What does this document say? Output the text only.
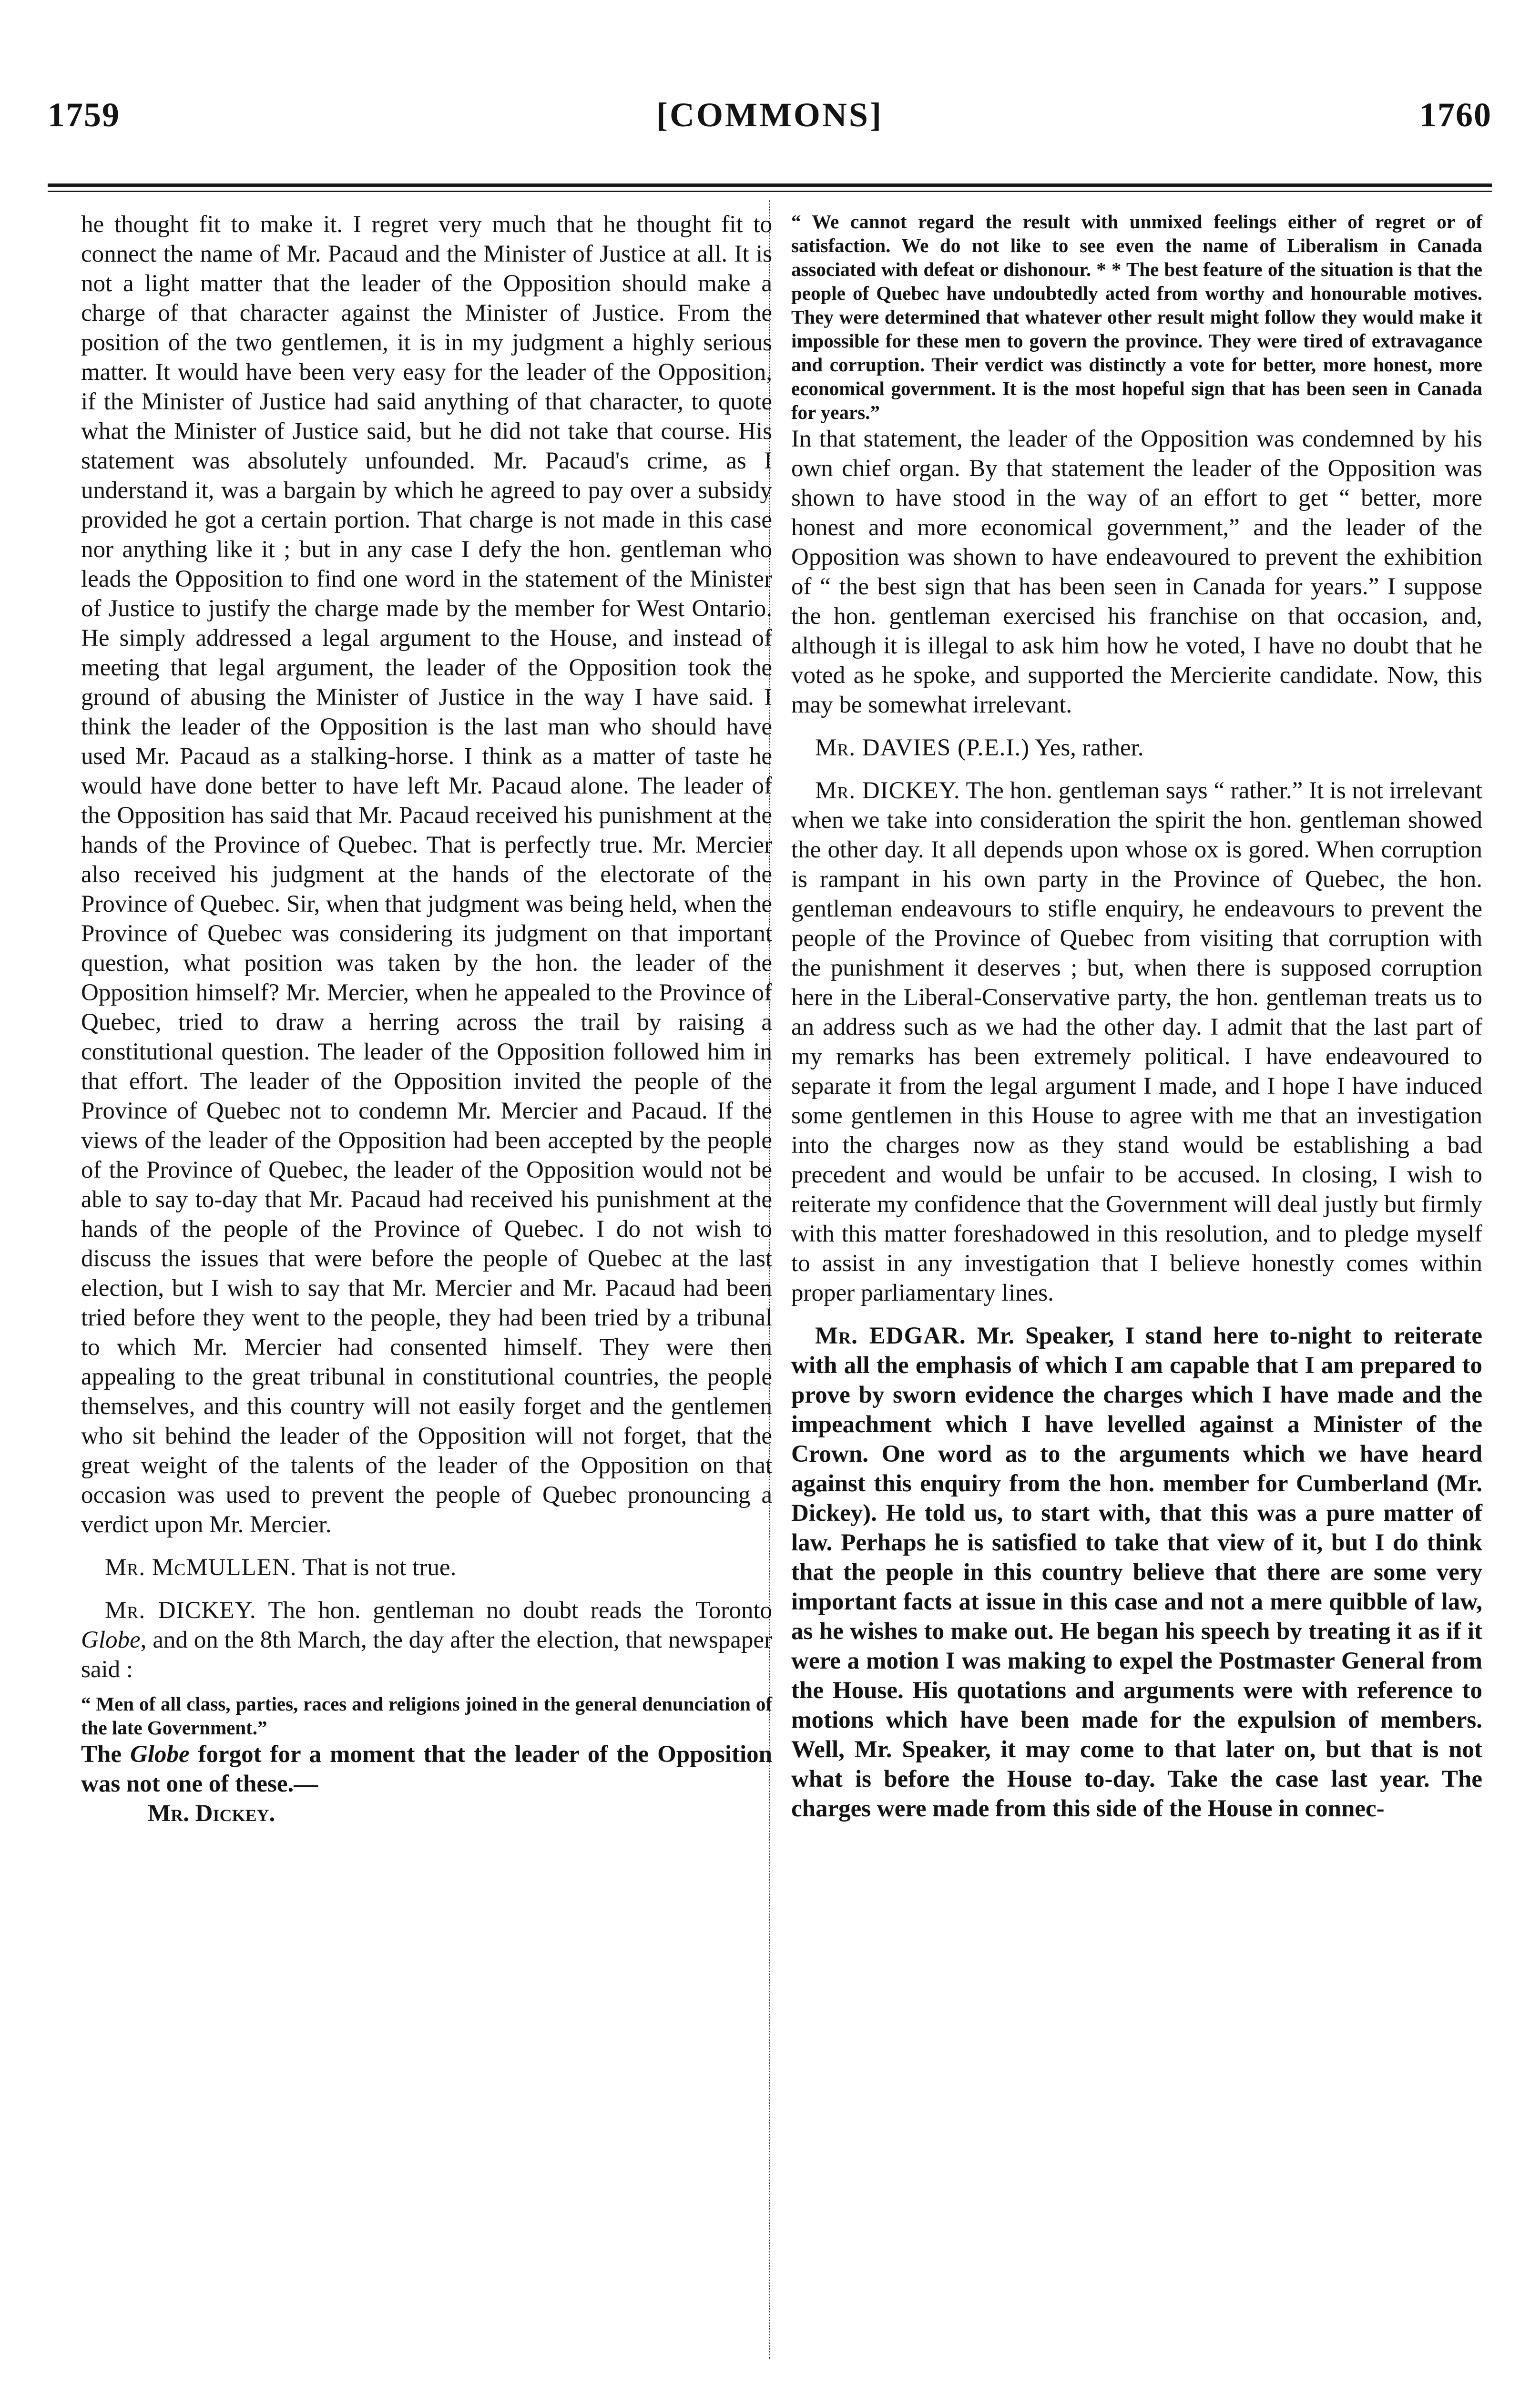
1759	[COMMONS]	1760

he thought fit to make it. I regret very much that he thought fit to connect the name of Mr. Pacaud and the Minister of Justice at all. It is not a light matter that the leader of the Opposition should make a charge of that character against the Minister of Justice. From the position of the two gentlemen, it is in my judgment a highly serious matter. It would have been very easy for the leader of the Opposition, if the Minister of Justice had said anything of that character, to quote what the Minister of Justice said, but he did not take that course. His statement was absolutely unfounded. Mr. Pacaud's crime, as I understand it, was a bargain by which he agreed to pay over a subsidy provided he got a certain portion. That charge is not made in this case nor anything like it ; but in any case I defy the hon. gentleman who leads the Opposition to find one word in the statement of the Minister of Justice to justify the charge made by the member for West Ontario. He simply addressed a legal argument to the House, and instead of meeting that legal argument, the leader of the Opposition took the ground of abusing the Minister of Justice in the way I have said. I think the leader of the Opposition is the last man who should have used Mr. Pacaud as a stalking-horse. I think as a matter of taste he would have done better to have left Mr. Pacaud alone. The leader of the Opposition has said that Mr. Pacaud received his punishment at the hands of the Province of Quebec. That is perfectly true. Mr. Mercier also received his judgment at the hands of the electorate of the Province of Quebec. Sir, when that judgment was being held, when the Province of Quebec was considering its judgment on that important question, what position was taken by the hon. the leader of the Opposition himself? Mr. Mercier, when he appealed to the Province of Quebec, tried to draw a herring across the trail by raising a constitutional question. The leader of the Opposition followed him in that effort. The leader of the Opposition invited the people of the Province of Quebec not to condemn Mr. Mercier and Pacaud. If the views of the leader of the Opposition had been accepted by the people of the Province of Quebec, the leader of the Opposition would not be able to say to-day that Mr. Pacaud had received his punishment at the hands of the people of the Province of Quebec. I do not wish to discuss the issues that were before the people of Quebec at the last election, but I wish to say that Mr. Mercier and Mr. Pacaud had been tried before they went to the people, they had been tried by a tribunal to which Mr. Mercier had consented himself. They were then appealing to the great tribunal in constitutional countries, the people themselves, and this country will not easily forget and the gentlemen who sit behind the leader of the Opposition will not forget, that the great weight of the talents of the leader of the Opposition on that occasion was used to prevent the people of Quebec pronouncing a verdict upon Mr. Mercier.

Mr. McMULLEN. That is not true.

Mr. DICKEY. The hon. gentleman no doubt reads the Toronto Globe, and on the 8th March, the day after the election, that newspaper said :

“ Men of all class, parties, races and religions joined in the general denunciation of the late Government.”

The Globe forgot for a moment that the leader of the Opposition was not one of these.—

Mr. Dickey.

“ We cannot regard the result with unmixed feelings either of regret or of satisfaction. We do not like to see even the name of Liberalism in Canada associated with defeat or dishonour. * * The best feature of the situation is that the people of Quebec have undoubtedly acted from worthy and honourable motives. They were determined that whatever other result might follow they would make it impossible for these men to govern the province. They were tired of extravagance and corruption. Their verdict was distinctly a vote for better, more honest, more economical government. It is the most hopeful sign that has been seen in Canada for years.”

In that statement, the leader of the Opposition was condemned by his own chief organ. By that statement the leader of the Opposition was shown to have stood in the way of an effort to get “ better, more honest and more economical government,” and the leader of the Opposition was shown to have endeavoured to prevent the exhibition of “ the best sign that has been seen in Canada for years.” I suppose the hon. gentleman exercised his franchise on that occasion, and, although it is illegal to ask him how he voted, I have no doubt that he voted as he spoke, and supported the Mercierite candidate. Now, this may be somewhat irrelevant.

Mr. DAVIES (P.E.I.) Yes, rather.

Mr. DICKEY. The hon. gentleman says “ rather.” It is not irrelevant when we take into consideration the spirit the hon. gentleman showed the other day. It all depends upon whose ox is gored. When corruption is rampant in his own party in the Province of Quebec, the hon. gentleman endeavours to stifle enquiry, he endeavours to prevent the people of the Province of Quebec from visiting that corruption with the punishment it deserves ; but, when there is supposed corruption here in the Liberal-Conservative party, the hon. gentleman treats us to an address such as we had the other day. I admit that the last part of my remarks has been extremely political. I have endeavoured to separate it from the legal argument I made, and I hope I have induced some gentlemen in this House to agree with me that an investigation into the charges now as they stand would be establishing a bad precedent and would be unfair to be accused. In closing, I wish to reiterate my confidence that the Government will deal justly but firmly with this matter foreshadowed in this resolution, and to pledge myself to assist in any investigation that I believe honestly comes within proper parliamentary lines.

Mr. EDGAR. Mr. Speaker, I stand here to-night to reiterate with all the emphasis of which I am capable that I am prepared to prove by sworn evidence the charges which I have made and the impeachment which I have levelled against a Minister of the Crown. One word as to the arguments which we have heard against this enquiry from the hon. member for Cumberland (Mr. Dickey). He told us, to start with, that this was a pure matter of law. Perhaps he is satisfied to take that view of it, but I do think that the people in this country believe that there are some very important facts at issue in this case and not a mere quibble of law, as he wishes to make out. He began his speech by treating it as if it were a motion I was making to expel the Postmaster General from the House. His quotations and arguments were with reference to motions which have been made for the expulsion of members. Well, Mr. Speaker, it may come to that later on, but that is not what is before the House to-day. Take the case last year. The charges were made from this side of the House in connec-
